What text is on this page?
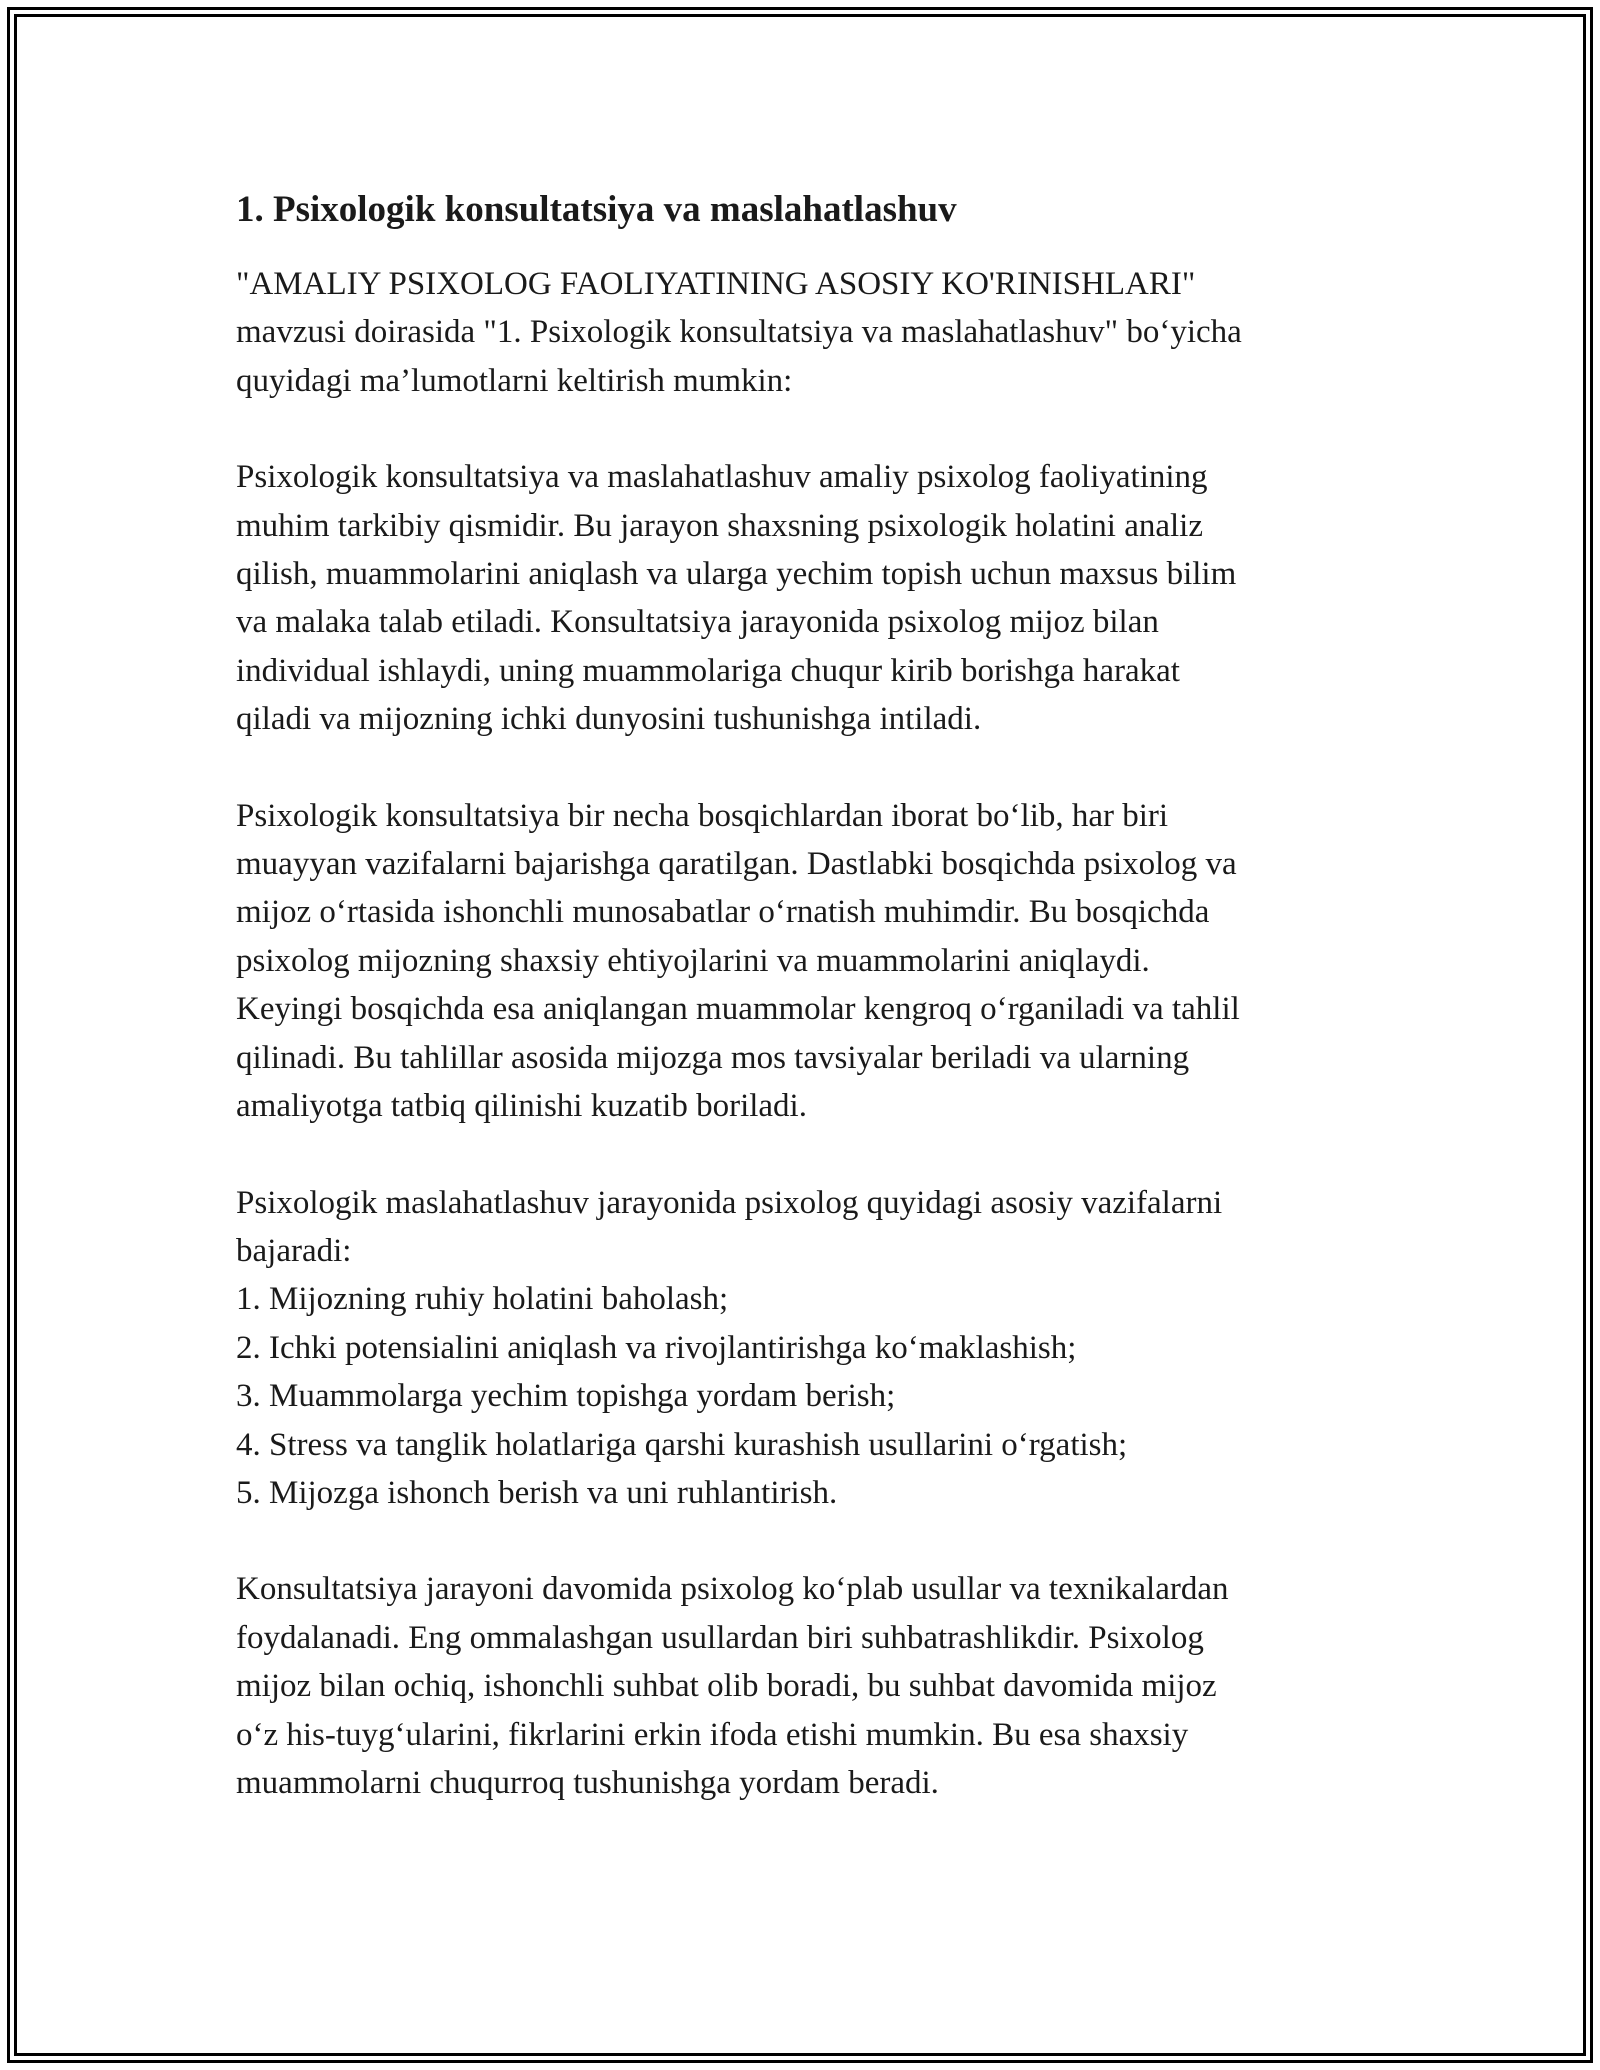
1. Psixologik konsultatsiya va maslahatlashuv

"AMALIY PSIXOLOG FAOLIYATINING ASOSIY KO'RINISHLARI"
mavzusi doirasida "1. Psixologik konsultatsiya va maslahatlashuv" bo‘yicha
quyidagi ma’lumotlarni keltirish mumkin:

Psixologik konsultatsiya va maslahatlashuv amaliy psixolog faoliyatining
muhim tarkibiy qismidir. Bu jarayon shaxsning psixologik holatini analiz
qilish, muammolarini aniqlash va ularga yechim topish uchun maxsus bilim
va malaka talab etiladi. Konsultatsiya jarayonida psixolog mijoz bilan
individual ishlaydi, uning muammolariga chuqur kirib borishga harakat
qiladi va mijozning ichki dunyosini tushunishga intiladi.

Psixologik konsultatsiya bir necha bosqichlardan iborat bo‘lib, har biri
muayyan vazifalarni bajarishga qaratilgan. Dastlabki bosqichda psixolog va
mijoz o‘rtasida ishonchli munosabatlar o‘rnatish muhimdir. Bu bosqichda
psixolog mijozning shaxsiy ehtiyojlarini va muammolarini aniqlaydi.
Keyingi bosqichda esa aniqlangan muammolar kengroq o‘rganiladi va tahlil
qilinadi. Bu tahlillar asosida mijozga mos tavsiyalar beriladi va ularning
amaliyotga tatbiq qilinishi kuzatib boriladi.

Psixologik maslahatlashuv jarayonida psixolog quyidagi asosiy vazifalarni
bajaradi:

1. Mijozning ruhiy holatini baholash;
2. Ichki potensialini aniqlash va rivojlantirishga ko‘maklashish;
3. Muammolarga yechim topishga yordam berish;
4. Stress va tanglik holatlariga qarshi kurashish usullarini o‘rgatish;
5. Mijozga ishonch berish va uni ruhlantirish.

Konsultatsiya jarayoni davomida psixolog ko‘plab usullar va texnikalardan
foydalanadi. Eng ommalashgan usullardan biri suhbatrashlikdir. Psixolog
mijoz bilan ochiq, ishonchli suhbat olib boradi, bu suhbat davomida mijoz
o‘z his-tuyg‘ularini, fikrlarini erkin ifoda etishi mumkin. Bu esa shaxsiy
muammolarni chuqurroq tushunishga yordam beradi.
